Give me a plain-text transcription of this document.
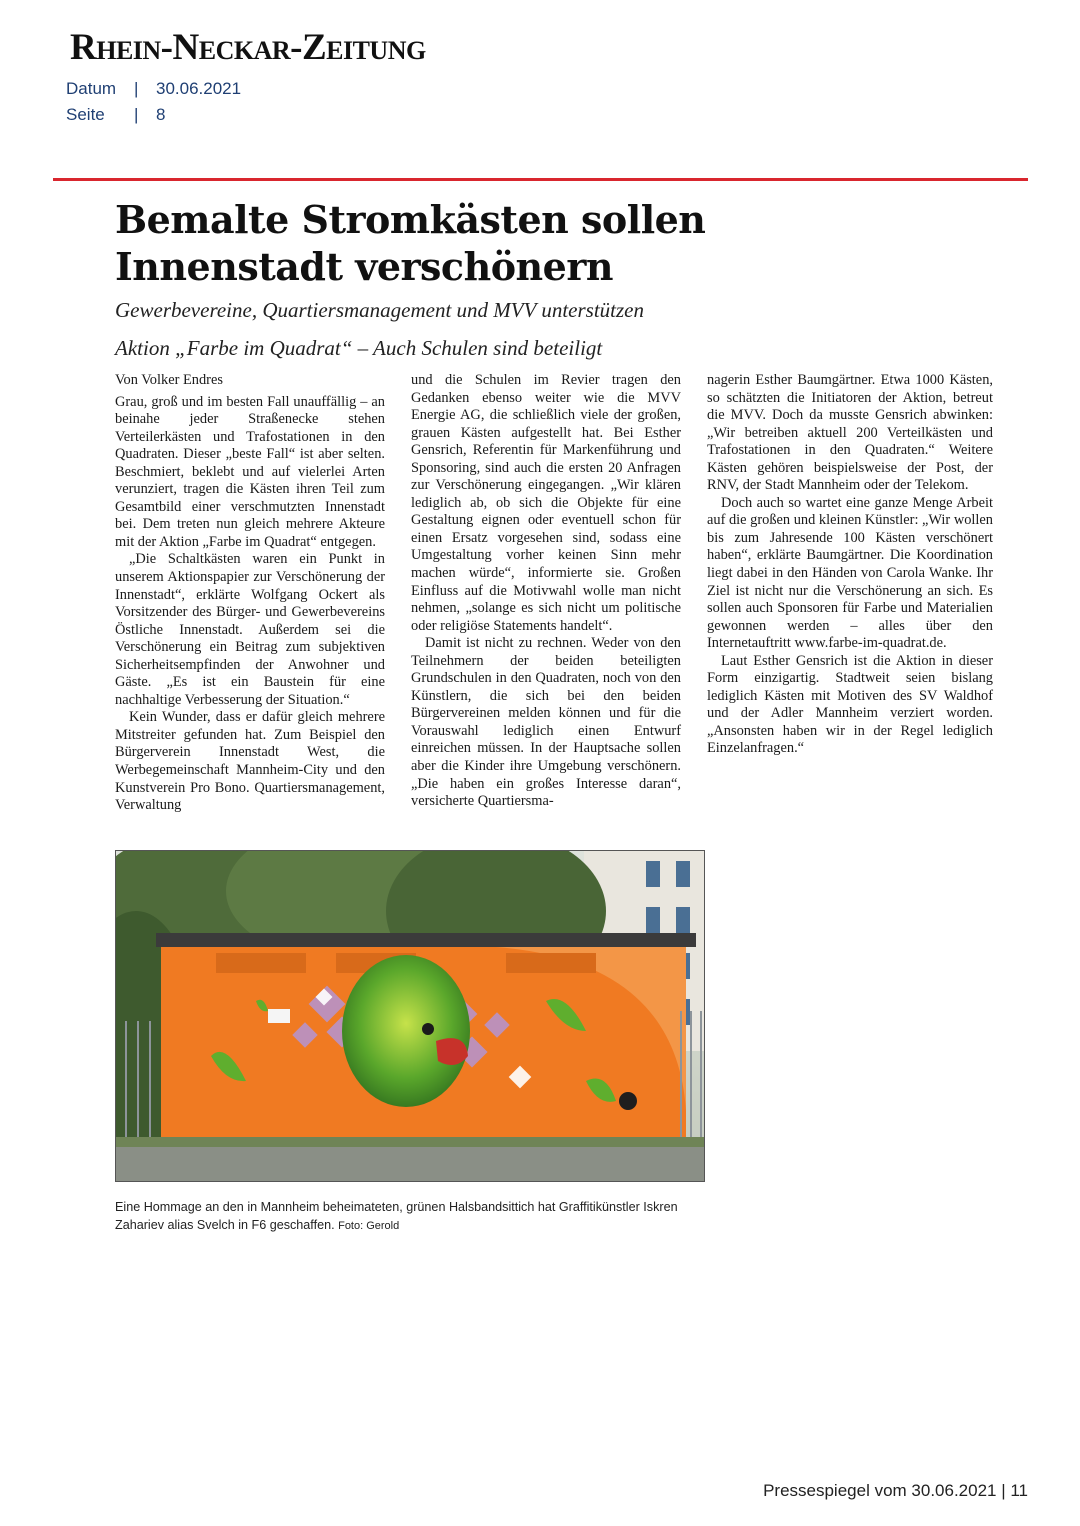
Rhein-Neckar-Zeitung
Datum | 30.06.2021
Seite | 8
Bemalte Stromkästen sollen Innenstadt verschönern
Gewerbevereine, Quartiersmanagement und MVV unterstützen
Aktion „Farbe im Quadrat“ – Auch Schulen sind beteiligt

Von Volker Endres

Grau, groß und im besten Fall unauffällig – an beinahe jeder Straßenecke stehen Verteilerkästen und Trafostationen in den Quadraten. Dieser „beste Fall“ ist aber selten. Beschmiert, beklebt und auf vielerlei Arten verunziert, tragen die Kästen ihren Teil zum Gesamtbild einer verschmutzten Innenstadt bei. Dem treten nun gleich mehrere Akteure mit der Aktion „Farbe im Quadrat“ entgegen.

„Die Schaltkästen waren ein Punkt in unserem Aktionspapier zur Verschönerung der Innenstadt“, erklärte Wolfgang Ockert als Vorsitzender des Bürger- und Gewerbevereins Östliche Innenstadt. Außerdem sei die Verschönerung ein Beitrag zum subjektiven Sicherheitsempfinden der Anwohner und Gäste. „Es ist ein Baustein für eine nachhaltige Verbesserung der Situation.“

Kein Wunder, dass er dafür gleich mehrere Mitstreiter gefunden hat. Zum Beispiel den Bürgerverein Innenstadt West, die Werbegemeinschaft Mannheim-City und den Kunstverein Pro Bono. Quartiersmanagement, Verwaltung

und die Schulen im Revier tragen den Gedanken ebenso weiter wie die MVV Energie AG, die schließlich viele der großen, grauen Kästen aufgestellt hat. Bei Esther Gensrich, Referentin für Markenführung und Sponsoring, sind auch die ersten 20 Anfragen zur Verschönerung eingegangen. „Wir klären lediglich ab, ob sich die Objekte für eine Gestaltung eignen oder eventuell schon für einen Ersatz vorgesehen sind, sodass eine Umgestaltung vorher keinen Sinn mehr machen würde“, informierte sie. Großen Einfluss auf die Motivwahl wolle man nicht nehmen, „solange es sich nicht um politische oder religiöse Statements handelt“.

Damit ist nicht zu rechnen. Weder von den Teilnehmern der beiden beteiligten Grundschulen in den Quadraten, noch von den Künstlern, die sich bei den beiden Bürgervereinen melden können und für die Vorauswahl lediglich einen Entwurf einreichen müssen. In der Hauptsache sollen aber die Kinder ihre Umgebung verschönern. „Die haben ein großes Interesse daran“, versicherte Quartiersma-

nagerin Esther Baumgärtner. Etwa 1000 Kästen, so schätzten die Initiatoren der Aktion, betreut die MVV. Doch da musste Gensrich abwinken: „Wir betreiben aktuell 200 Verteilkästen und Trafostationen in den Quadraten.“ Weitere Kästen gehören beispielsweise der Post, der RNV, der Stadt Mannheim oder der Telekom.

Doch auch so wartet eine ganze Menge Arbeit auf die großen und kleinen Künstler: „Wir wollen bis zum Jahresende 100 Kästen verschönert haben“, erklärte Baumgärtner. Die Koordination liegt dabei in den Händen von Carola Wanke. Ihr Ziel ist nicht nur die Verschönerung an sich. Es sollen auch Sponsoren für Farbe und Materialien gewonnen werden – alles über den Internetauftritt www.farbe-im-quadrat.de.

Laut Esther Gensrich ist die Aktion in dieser Form einzigartig. Stadtweit seien bislang lediglich Kästen mit Motiven des SV Waldhof und der Adler Mannheim verziert worden. „Ansonsten haben wir in der Regel lediglich Einzelanfragen.“

Eine Hommage an den in Mannheim beheimateten, grünen Halsbandsittich hat Graffitikünstler Iskren Zahariev alias Svelch in F6 geschaffen. Foto: Gerold
Pressespiegel vom 30.06.2021 | 11
